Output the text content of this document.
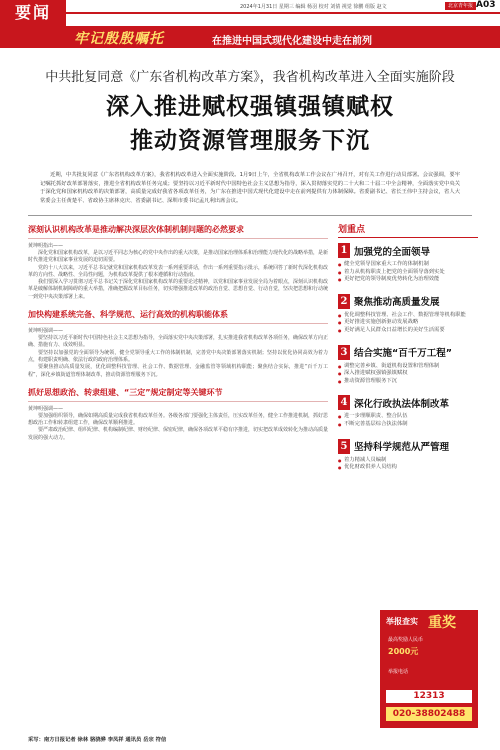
要闻	2024年1月31日 星期三 编辑 杨羽 校对 刘倩 视觉 徐鹏 组版 赵文	北京青年报 A03
牢记殷殷嘱托	在推进中国式现代化建设中走在前列
中共批复同意《广东省机构改革方案》，我省机构改革进入全面实施阶段
深入推进赋权强镇强镇赋权
推动资源管理服务下沉

近期，中共批复同意《广东省机构改革方案》，我省机构改革进入全面实施阶段。1月9日上午，全省机构改革工作会议在广州召开，对有关工作进行动员部署。会议强调，要牢记嘱托抓好改革部署落实，推进全省机构改革任务完成；要坚持以习近平新时代中国特色社会主义思想为指导，深入贯彻落实党的二十大和二十届二中全会精神，全面落实党中央关于深化党和国家机构改革的决策部署，高质量完成好我省各项改革任务，为广东在推进中国式现代化建设中走在前列提供有力体制保障。省委副书记、省长王伟中主持会议，省人大常委会主任黄楚平、省政协主席林克庆、省委副书记、深圳市委书记孟凡利出席会议。

深刻认识机构改革是推动解决深层次体制机制问题的必然要求
黄坤明指出——

深化党和国家机构改革，是以习近平同志为核心的党中央作出的重大决策，是推动国家治理体系和治理能力现代化的战略举措，是新时代推进党和国家事业发展的迫切需要。

党的十八大以来，习近平总书记就党和国家机构改革发表一系列重要讲话，作出一系列重要指示批示，系统回答了新时代深化机构改革的方向性、战略性、全局性问题，为机构改革提供了根本遵循和行动指南。

我们要深入学习贯彻习近平总书记关于深化党和国家机构改革的重要论述精神，以党和国家事业发展全局为着眼点，深刻认识机构改革是破解体制机制障碍的重大举措，准确把握改革目标任务，切实增强推进改革的政治自觉、思想自觉、行动自觉，坚决把思想和行动统一到党中央决策部署上来。

加快构建系统完备、科学规范、运行高效的机构职能体系
黄坤明强调——

要坚持以习近平新时代中国特色社会主义思想为指导，全面落实党中央决策部署，扎实推进我省机构改革各项任务，确保改革方向正确、措施有力、成效明显。

要坚持以加强党的全面领导为统领，健全党领导重大工作的体制机制，完善党中央决策部署落实机制；坚持以优化协同高效为着力点，构建职责明确、依法行政的政府治理体系。

要聚焦推动高质量发展，优化调整科技管理、社会工作、数据管理、金融监管等领域机构职能；聚焦结合实际，推进“百千万工程”，深化乡镇街道管理体制改革，推动资源管理服务下沉。

抓好思想政治、转隶组建、“三定”规定制定等关键环节
黄坤明强调——

要加强组织领导，确保如期高质量完成我省机构改革任务。各级各部门要强化主体责任，压实改革任务，健全工作推进机制，抓好思想政治工作和转隶组建工作，确保改革顺利推进。

要严肃政治纪律、组织纪律、机构编制纪律、财经纪律、保密纪律，确保各项改革平稳有序推进，切实把改革成效转化为推动高质量发展的强大动力。

采写：南方日报记者 徐林 骆骁骅 李凤祥 通讯员 岳宗 符信
划重点
1 加强党的全面领导

● 健全党领导国家重大工作的体制机制

● 着力从机构职责上把党的全面领导落到实处

● 更好把党的领导制度优势转化为治理效能

2 聚焦推动高质量发展

● 优化调整科技管理、社会工作、数据管理等机构职能

● 更好推进实施创新驱动发展战略

● 更好满足人民群众日益增长的美好生活需要

3 结合实施“百千万工程”

● 调整完善乡镇、街道机构设置和管理体制

● 深入推进赋权强镇强镇赋权

● 推动资源管理服务下沉

4 深化行政执法体制改革

● 进一步理顺职责、整合队伍

● 不断完善基层综合执法体制

5 坚持科学规范从严管理

● 着力精减人员编制

● 优化财政供养人员结构

举报查实 重奖
最高奖励人民币
2000元
举报电话
12313
020-38802488
